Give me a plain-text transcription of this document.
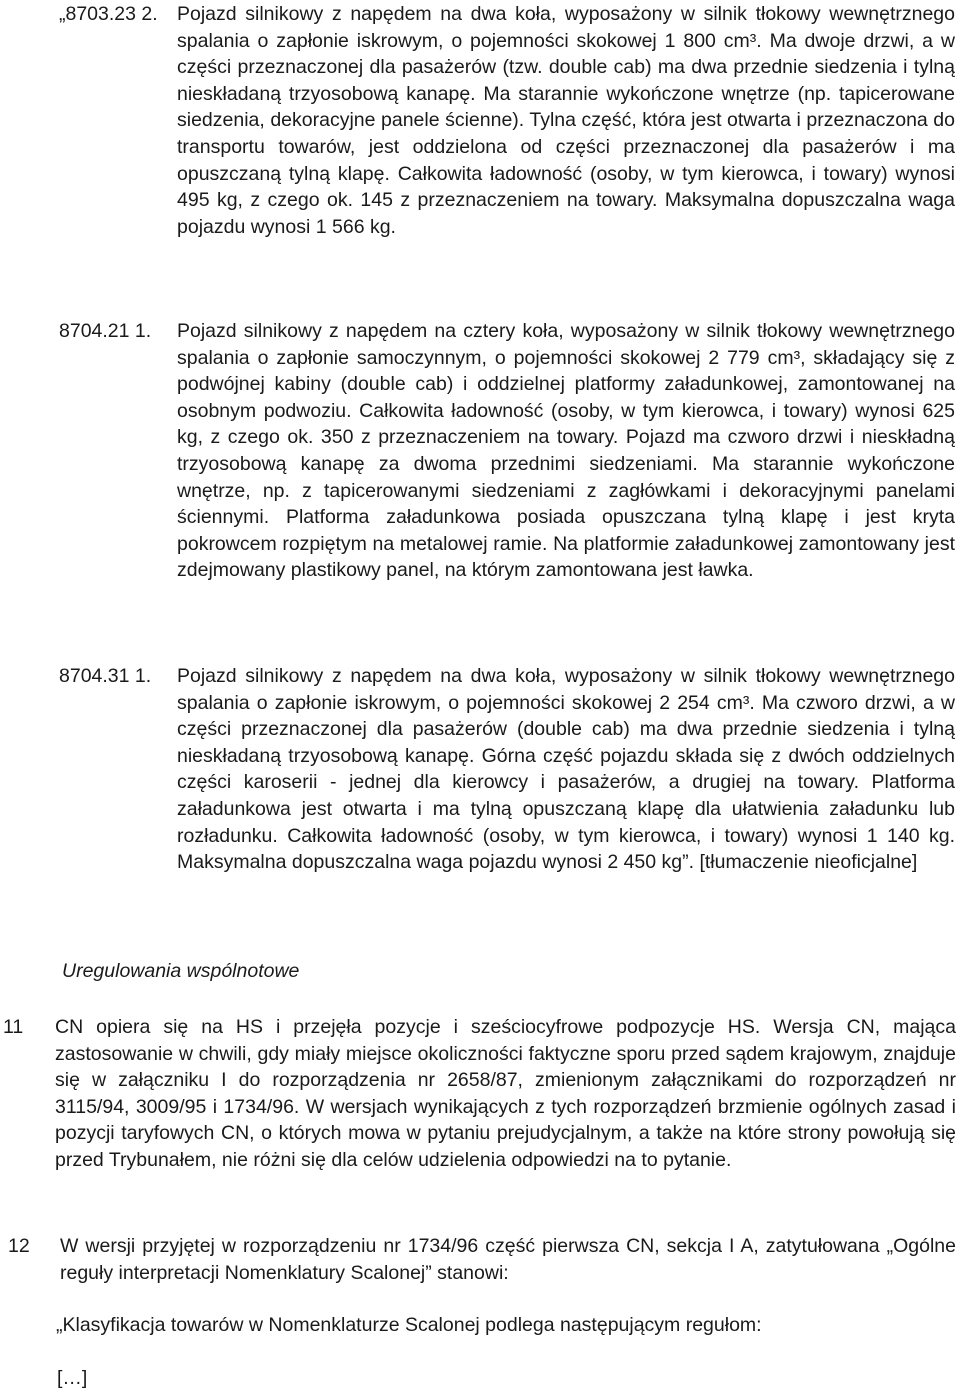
„8703.23 2. Pojazd silnikowy z napędem na dwa koła, wyposażony w silnik tłokowy wewnętrznego spalania o zapłonie iskrowym, o pojemności skokowej 1 800 cm³. Ma dwoje drzwi, a w części przeznaczonej dla pasażerów (tzw. double cab) ma dwa przednie siedzenia i tylną nieskładaną trzyosobową kanapę. Ma starannie wykończone wnętrze (np. tapicerowane siedzenia, dekoracyjne panele ścienne). Tylna część, która jest otwarta i przeznaczona do transportu towarów, jest oddzielona od części przeznaczonej dla pasażerów i ma opuszczaną tylną klapę. Całkowita ładowność (osoby, w tym kierowca, i towary) wynosi 495 kg, z czego ok. 145 z przeznaczeniem na towary. Maksymalna dopuszczalna waga pojazdu wynosi 1 566 kg.
8704.21 1. Pojazd silnikowy z napędem na cztery koła, wyposażony w silnik tłokowy wewnętrznego spalania o zapłonie samoczynnym, o pojemności skokowej 2 779 cm³, składający się z podwójnej kabiny (double cab) i oddzielnej platformy załadunkowej, zamontowanej na osobnym podwoziu. Całkowita ładowność (osoby, w tym kierowca, i towary) wynosi 625 kg, z czego ok. 350 z przeznaczeniem na towary. Pojazd ma czworo drzwi i nieskładną trzyosobową kanapę za dwoma przednimi siedzeniami. Ma starannie wykończone wnętrze, np. z tapicerowanymi siedzeniami z zagłówkami i dekoracyjnymi panelami ściennymi. Platforma załadunkowa posiada opuszczana tylną klapę i jest kryta pokrowcem rozpiętym na metalowej ramie. Na platformie załadunkowej zamontowany jest zdejmowany plastikowy panel, na którym zamontowana jest ławka.
8704.31 1. Pojazd silnikowy z napędem na dwa koła, wyposażony w silnik tłokowy wewnętrznego spalania o zapłonie iskrowym, o pojemności skokowej 2 254 cm³. Ma czworo drzwi, a w części przeznaczonej dla pasażerów (double cab) ma dwa przednie siedzenia i tylną nieskładaną trzyosobową kanapę. Górna część pojazdu składa się z dwóch oddzielnych części karoserii - jednej dla kierowcy i pasażerów, a drugiej na towary. Platforma załadunkowa jest otwarta i ma tylną opuszczaną klapę dla ułatwienia załadunku lub rozładunku. Całkowita ładowność (osoby, w tym kierowca, i towary) wynosi 1 140 kg. Maksymalna dopuszczalna waga pojazdu wynosi 2 450 kg”. [tłumaczenie nieoficjalne]
Uregulowania wspólnotowe
11 CN opiera się na HS i przejęła pozycje i sześciocyfrowe podpozycje HS. Wersja CN, mająca zastosowanie w chwili, gdy miały miejsce okoliczności faktyczne sporu przed sądem krajowym, znajduje się w załączniku I do rozporządzenia nr 2658/87, zmienionym załącznikami do rozporządzeń nr 3115/94, 3009/95 i 1734/96. W wersjach wynikających z tych rozporządzeń brzmienie ogólnych zasad i pozycji taryfowych CN, o których mowa w pytaniu prejudycjalnym, a także na które strony powołują się przed Trybunałem, nie różni się dla celów udzielenia odpowiedzi na to pytanie.
12 W wersji przyjętej w rozporządzeniu nr 1734/96 część pierwsza CN, sekcja I A, zatytułowana „Ogólne reguły interpretacji Nomenklatury Scalonej” stanowi:
„Klasyfikacja towarów w Nomenklaturze Scalonej podlega następującym regułom:
[…]
